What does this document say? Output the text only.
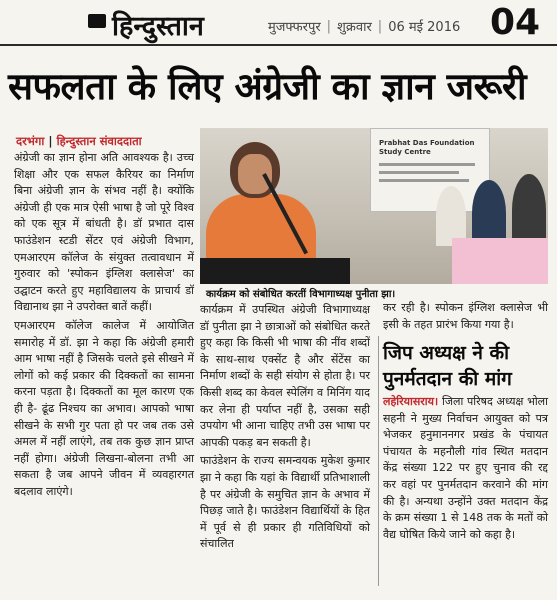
हिन्दुस्तान	मुजफ्फरपुर | शुक्रवार | 06 मई 2016 04
सफलता के लिए अंग्रेजी का ज्ञान जरूरी
दरभंगा | हिन्दुस्तान संवाददाता

अंग्रेजी का ज्ञान होना अति आवश्यक है। उच्च शिक्षा और एक सफल कैरियर का निर्माण बिना अंग्रेजी ज्ञान के संभव नहीं है। क्योंकि अंग्रेजी ही एक मात्र ऐसी भाषा है जो पूरे विश्व को एक सूत्र में बांधती है। डॉ प्रभात दास फाउंडेशन स्टडी सेंटर एवं अंग्रेजी विभाग, एमआरएम कॉलेज के संयुक्त तत्वावधान में गुरुवार को 'स्पोकन इंग्लिश क्लासेज' का उद्घाटन करते हुए महाविद्यालय के प्राचार्य डॉ विद्यानाथ झा ने उपरोक्त बातें कहीं।

एमआरएम कॉलेज कालेज में आयोजित समारोह में डॉ. झा ने कहा कि अंग्रेजी हमारी आम भाषा नहीं है जिसके चलते इसे सीखने में लोगों को कई प्रकार की दिक्कतों का सामना करना पड़ता है। दिक्कतों का मूल कारण एक ही है- ढूंढ निश्चय का अभाव। आपको भाषा सीखने के सभी गुर पता हो पर जब तक उसे अमल में नहीं लाएंगे, तब तक कुछ ज्ञान प्राप्त नहीं होगा। अंग्रेजी लिखना-बोलना तभी आ सकता है जब आपने जीवन में व्यवहारगत बदलाव लाएंगे।

Prabhat Das Foundation Study Centre
कार्यक्रम को संबोधित करतीं विभागाध्यक्ष पुनीता झा।

कार्यक्रम में उपस्थित अंग्रेजी विभागाध्यक्ष डॉ पुनीता झा ने छात्राओं को संबोधित करते हुए कहा कि किसी भी भाषा की नींव शब्दों के साथ-साथ एक्सेंट है और सेंटेंस का निर्माण शब्दों के सही संयोग से होता है। पर किसी शब्द का केवल स्पेलिंग व मिनिंग याद कर लेना ही पर्याप्त नहीं है, उसका सही उपयोग भी आना चाहिए तभी उस भाषा पर आपकी पकड़ बन सकती है।

फाउंडेशन के राज्य समन्वयक मुकेश कुमार झा ने कहा कि यहां के विद्यार्थी प्रतिभाशाली है पर अंग्रेजी के समुचित ज्ञान के अभाव में पिछड़ जाते है। फाउंडेशन विद्यार्थियों के हित में पूर्व से ही प्रकार ही गतिविधियों को संचालित

कर रही है। स्पोकन इंग्लिश क्लासेज भी इसी के तहत प्रारंभ किया गया है।

जिप अध्यक्ष ने की पुनर्मतदान की मांग

लहेरियासराय। जिला परिषद अध्यक्ष भोला सहनी ने मुख्य निर्वाचन आयुक्त को पत्र भेजकर हनुमाननगर प्रखंड के पंचायत पंचायत के महनौली गांव स्थित मतदान केंद्र संख्या 122 पर हुए चुनाव की रद्द कर वहां पर पुनर्मतदान करवाने की मांग की है। अन्यथा उन्होंने उक्त मतदान केंद्र के क्रम संख्या 1 से 148 तक के मतों को वैद्य घोषित किये जाने को कहा है।
